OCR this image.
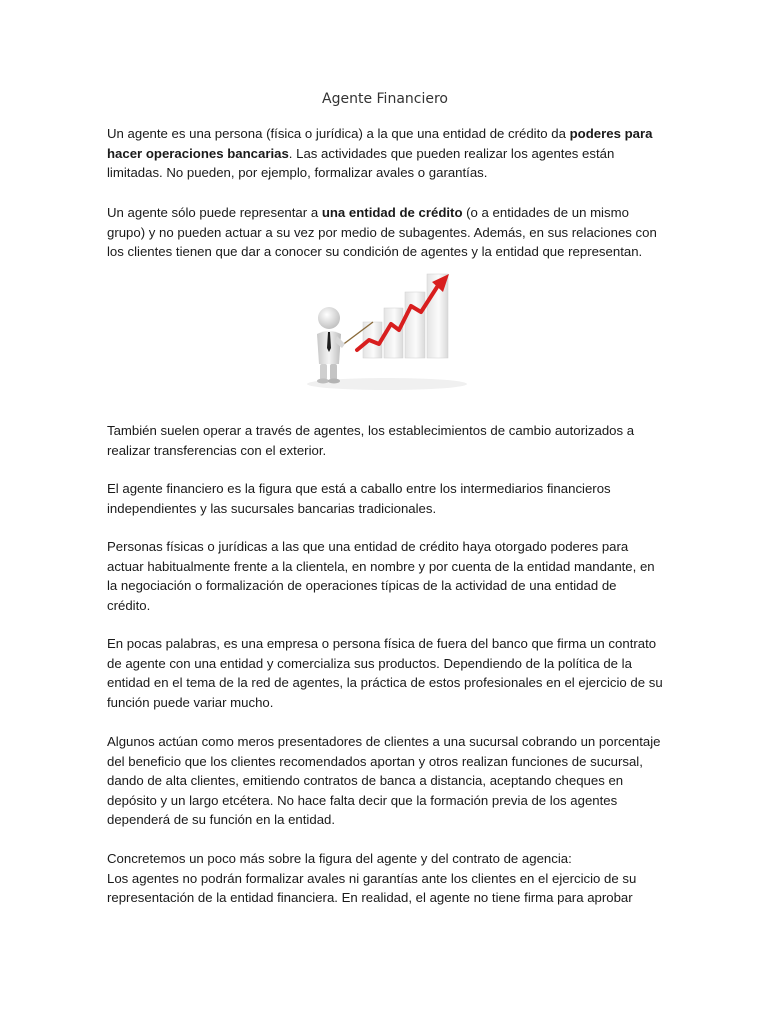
Agente Financiero

Un agente es una persona (física o jurídica) a la que una entidad de crédito da poderes para hacer operaciones bancarias. Las actividades que pueden realizar los agentes están limitadas. No pueden, por ejemplo, formalizar avales o garantías.

Un agente sólo puede representar a una entidad de crédito (o a entidades de un mismo grupo) y no pueden actuar a su vez por medio de subagentes. Además, en sus relaciones con los clientes tienen que dar a conocer su condición de agentes y la entidad que representan.

También suelen operar a través de agentes, los establecimientos de cambio autorizados a realizar transferencias con el exterior.

El agente financiero es la figura que está a caballo entre los intermediarios financieros independientes y las sucursales bancarias tradicionales.

Personas físicas o jurídicas a las que una entidad de crédito haya otorgado poderes para actuar habitualmente frente a la clientela, en nombre y por cuenta de la entidad mandante, en la negociación o formalización de operaciones típicas de la actividad de una entidad de crédito.

En pocas palabras, es una empresa o persona física de fuera del banco que firma un contrato de agente con una entidad y comercializa sus productos. Dependiendo de la política de la entidad en el tema de la red de agentes, la práctica de estos profesionales en el ejercicio de su función puede variar mucho.

Algunos actúan como meros presentadores de clientes a una sucursal cobrando un porcentaje del beneficio que los clientes recomendados aportan y otros realizan funciones de sucursal, dando de alta clientes, emitiendo contratos de banca a distancia, aceptando cheques en depósito y un largo etcétera. No hace falta decir que la formación previa de los agentes dependerá de su función en la entidad.

Concretemos un poco más sobre la figura del agente y del contrato de agencia:
Los agentes no podrán formalizar avales ni garantías ante los clientes en el ejercicio de su representación de la entidad financiera. En realidad, el agente no tiene firma para aprobar
